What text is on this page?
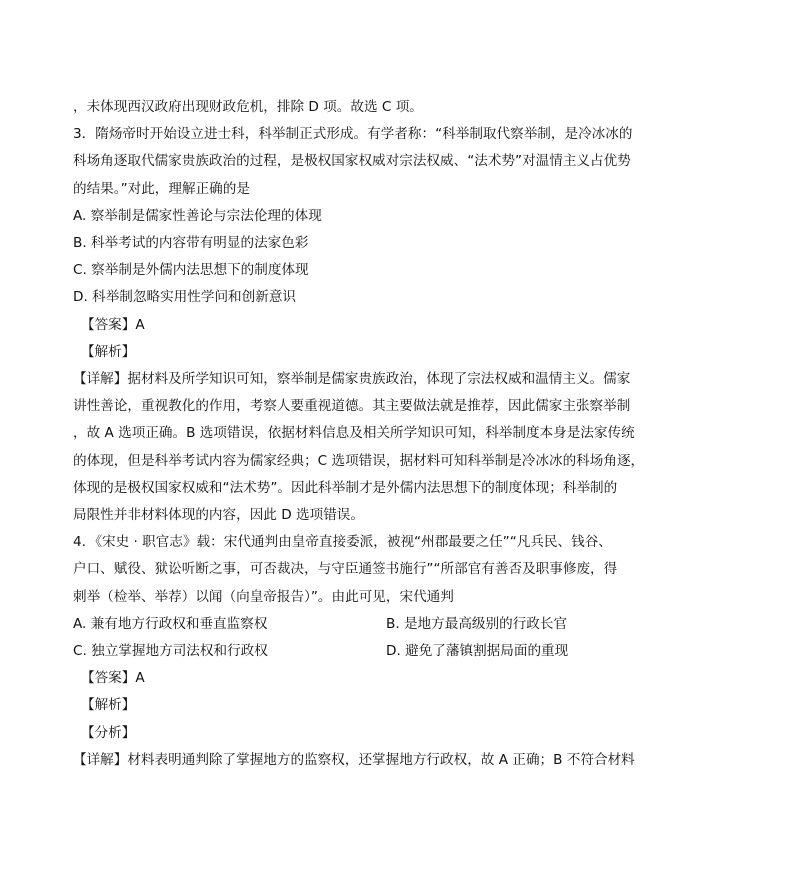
，未体现西汉政府出现财政危机，排除 D 项。故选 C 项。
3．隋炀帝时开始设立进士科，科举制正式形成。有学者称：“科举制取代察举制，是冷冰冰的
科场角逐取代儒家贵族政治的过程，是极权国家权威对宗法权威、“法术势”对温情主义占优势
的结果。”对此，理解正确的是
A. 察举制是儒家性善论与宗法伦理的体现
B. 科举考试的内容带有明显的法家色彩
C. 察举制是外儒内法思想下的制度体现
D. 科举制忽略实用性学问和创新意识
【答案】A
【解析】
【详解】据材料及所学知识可知，察举制是儒家贵族政治，体现了宗法权威和温情主义。儒家
讲性善论，重视教化的作用，考察人要重视道德。其主要做法就是推荐，因此儒家主张察举制
，故 A 选项正确。B 选项错误，依据材料信息及相关所学知识可知，科举制度本身是法家传统
的体现，但是科举考试内容为儒家经典；C 选项错误，据材料可知科举制是冷冰冰的科场角逐，
体现的是极权国家权威和“法术势”。因此科举制才是外儒内法思想下的制度体现；科举制的
局限性并非材料体现的内容，因此 D 选项错误。
4．《宋史 · 职官志》载：宋代通判由皇帝直接委派，被视“州郡最要之任”“凡兵民、钱谷、
户口、赋役、狱讼听断之事，可否裁决，与守臣通签书施行”“所部官有善否及职事修废，得
刺举（检举、举荐）以闻（向皇帝报告）”。由此可见，宋代通判
A. 兼有地方行政权和垂直监察权	B. 是地方最高级别的行政长官
C. 独立掌握地方司法权和行政权	D. 避免了藩镇割据局面的重现
【答案】A
【解析】
【分析】
【详解】材料表明通判除了掌握地方的监察权，还掌握地方行政权，故 A 正确；B 不符合材料
